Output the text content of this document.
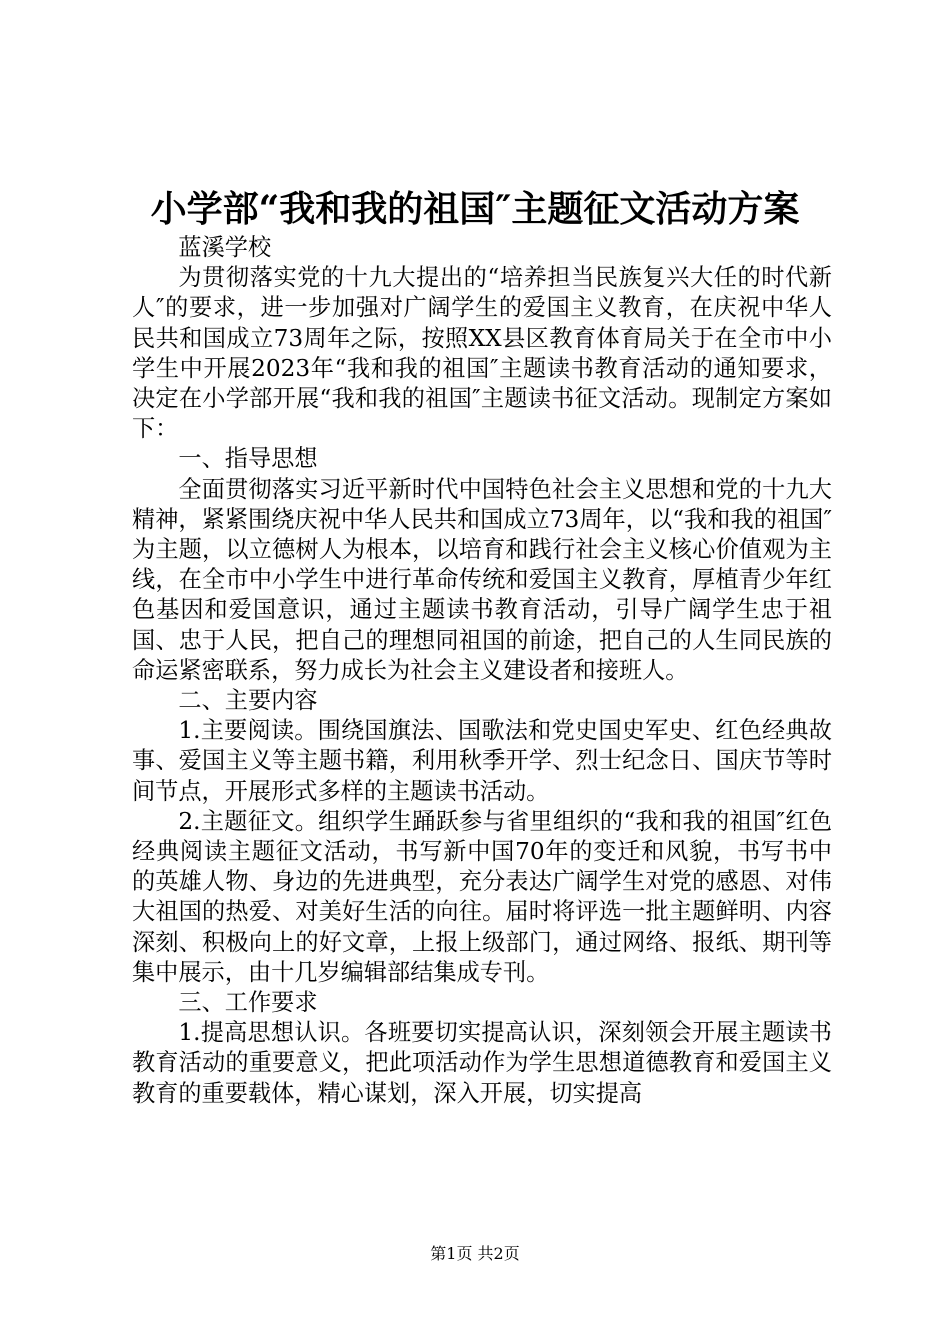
小学部“我和我的祖国″主题征文活动方案

蓝溪学校

为贯彻落实党的十九大提出的“培养担当民族复兴大任的时代新人″的要求，进一步加强对广阔学生的爱国主义教育，在庆祝中华人民共和国成立73周年之际，按照XX县区教育体育局关于在全市中小学生中开展2023年“我和我的祖国″主题读书教育活动的通知要求，决定在小学部开展“我和我的祖国″主题读书征文活动。现制定方案如下：

一、指导思想

全面贯彻落实习近平新时代中国特色社会主义思想和党的十九大精神，紧紧围绕庆祝中华人民共和国成立73周年，以“我和我的祖国″为主题，以立德树人为根本，以培育和践行社会主义核心价值观为主线，在全市中小学生中进行革命传统和爱国主义教育，厚植青少年红色基因和爱国意识，通过主题读书教育活动，引导广阔学生忠于祖国、忠于人民，把自己的理想同祖国的前途，把自己的人生同民族的命运紧密联系，努力成长为社会主义建设者和接班人。

二、主要内容

1.主要阅读。围绕国旗法、国歌法和党史国史军史、红色经典故事、爱国主义等主题书籍，利用秋季开学、烈士纪念日、国庆节等时间节点，开展形式多样的主题读书活动。

2.主题征文。组织学生踊跃参与省里组织的“我和我的祖国″红色经典阅读主题征文活动，书写新中国70年的变迁和风貌，书写书中的英雄人物、身边的先进典型，充分表达广阔学生对党的感恩、对伟大祖国的热爱、对美好生活的向往。届时将评选一批主题鲜明、内容深刻、积极向上的好文章，上报上级部门，通过网络、报纸、期刊等集中展示，由十几岁编辑部结集成专刊。

三、工作要求

1.提高思想认识。各班要切实提高认识，深刻领会开展主题读书教育活动的重要意义，把此项活动作为学生思想道德教育和爱国主义教育的重要载体，精心谋划，深入开展，切实提高

第1页 共2页
